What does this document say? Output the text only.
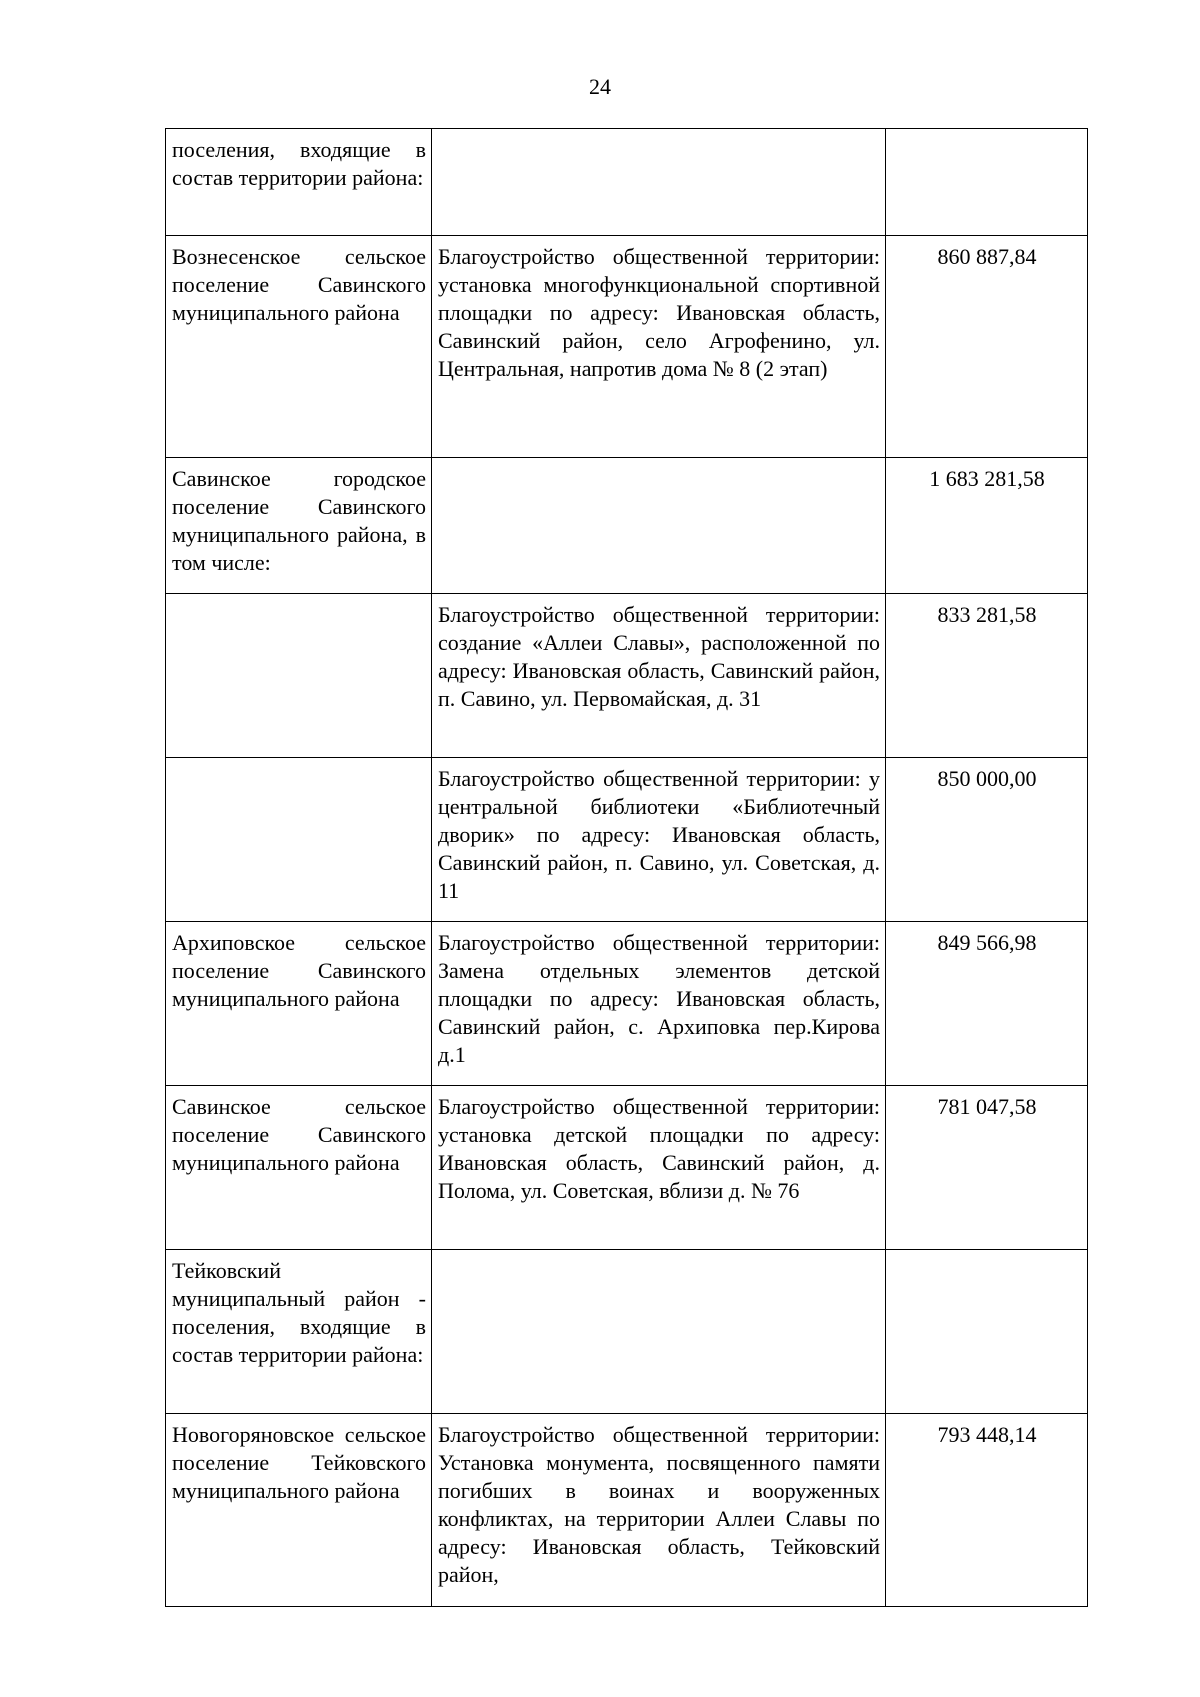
24
поселения, входящие в состав территории района:		
Вознесенское сельское поселение Савинского муниципального района	Благоустройство общественной территории: установка многофункциональной спортивной площадки по адресу: Ивановская область, Савинский район, село Агрофенино, ул. Центральная, напротив дома № 8 (2 этап)	860 887,84
Савинское городское поселение Савинского муниципального района, в том числе:		1 683 281,58
	Благоустройство общественной территории: создание «Аллеи Славы», расположенной по адресу: Ивановская область, Савинский район, п. Савино, ул. Первомайская, д. 31	833 281,58
	Благоустройство общественной территории: у центральной библиотеки «Библиотечный дворик» по адресу: Ивановская область, Савинский район, п. Савино, ул. Советская, д. 11	850 000,00
Архиповское сельское поселение Савинского муниципального района	Благоустройство общественной территории: Замена отдельных элементов детской площадки по адресу: Ивановская область, Савинский район, с. Архиповка пер.Кирова д.1	849 566,98
Савинское сельское поселение Савинского муниципального района	Благоустройство общественной территории: установка детской площадки по адресу: Ивановская область, Савинский район, д. Полома, ул. Советская, вблизи д. № 76	781 047,58
Тейковский муниципальный район - поселения, входящие в состав территории района:		
Новогоряновское сельское поселение Тейковского муниципального района	Благоустройство общественной территории: Установка монумента, посвященного памяти погибших в воинах и вооруженных конфликтах, на территории Аллеи Славы по адресу: Ивановская область, Тейковский район,	793 448,14
